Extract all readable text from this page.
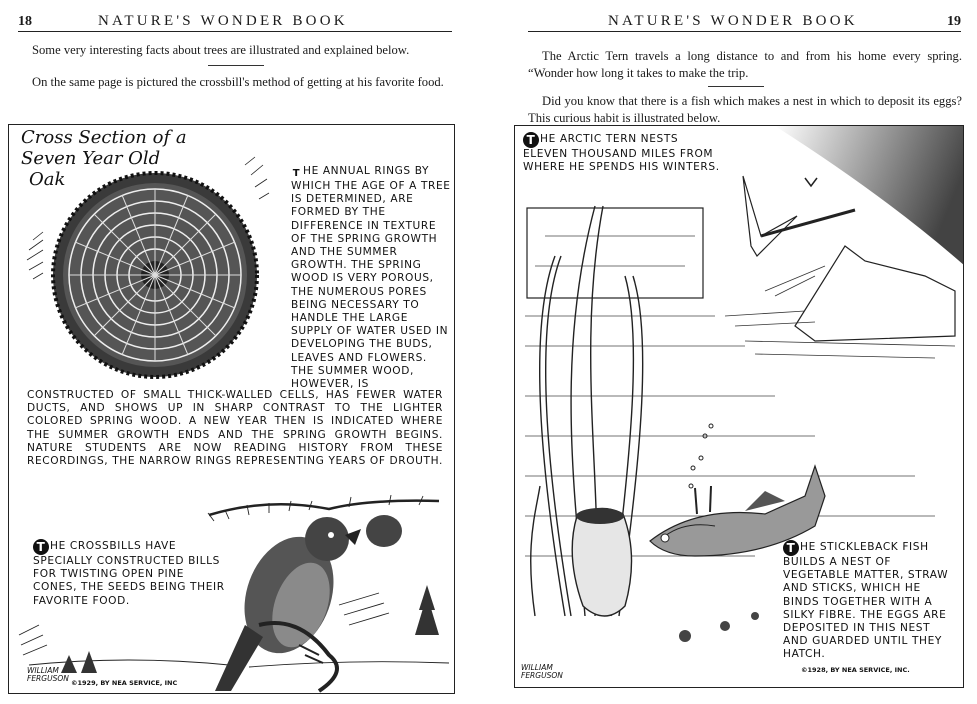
18	NATURE'S WONDER BOOK

Some very interesting facts about trees are illustrated and explained below.

On the same page is pictured the crossbill's method of getting at his favorite food.

Cross Section of a
Seven Year Old
Oak	T HE ANNUAL RINGS BY WHICH THE AGE OF A TREE IS DETERMINED, ARE FORMED BY THE DIFFERENCE IN TEXTURE OF THE SPRING GROWTH AND THE SUMMER GROWTH. THE SPRING WOOD IS VERY POROUS, THE NUMEROUS PORES BEING NECESSARY TO HANDLE THE LARGE SUPPLY OF WATER USED IN DEVELOPING THE BUDS, LEAVES AND FLOWERS. THE SUMMER WOOD, HOWEVER, IS
CONSTRUCTED OF SMALL THICK-WALLED CELLS, HAS FEWER WATER DUCTS, AND SHOWS UP IN SHARP CONTRAST TO THE LIGHTER COLORED SPRING WOOD. A NEW YEAR THEN IS INDICATED WHERE THE SUMMER GROWTH ENDS AND THE SPRING GROWTH BEGINS. NATURE STUDENTS ARE NOW READING HISTORY FROM THESE RECORDINGS, THE NARROW RINGS REPRESENTING YEARS OF DROUTH.
T HE CROSSBILLS HAVE SPECIALLY CONSTRUCTED BILLS FOR TWISTING OPEN PINE CONES, THE SEEDS BEING THEIR FAVORITE FOOD.
WILLIAM
FERGUSON ©1929, BY NEA SERVICE, INC
NATURE'S WONDER BOOK	19

The Arctic Tern travels a long distance to and from his home every spring. “Wonder how long it takes to make the trip.

Did you know that there is a fish which makes a nest in which to deposit its eggs? This curious habit is illustrated below.

T HE ARCTIC TERN NESTS ELEVEN THOUSAND MILES FROM WHERE HE SPENDS HIS WINTERS.
T HE STICKLEBACK FISH BUILDS A NEST OF VEGETABLE MATTER, STRAW AND STICKS, WHICH HE BINDS TOGETHER WITH A SILKY FIBRE. THE EGGS ARE DEPOSITED IN THIS NEST AND GUARDED UNTIL THEY HATCH.
WILLIAM
FERGUSON
©1928, BY NEA SERVICE, INC.
